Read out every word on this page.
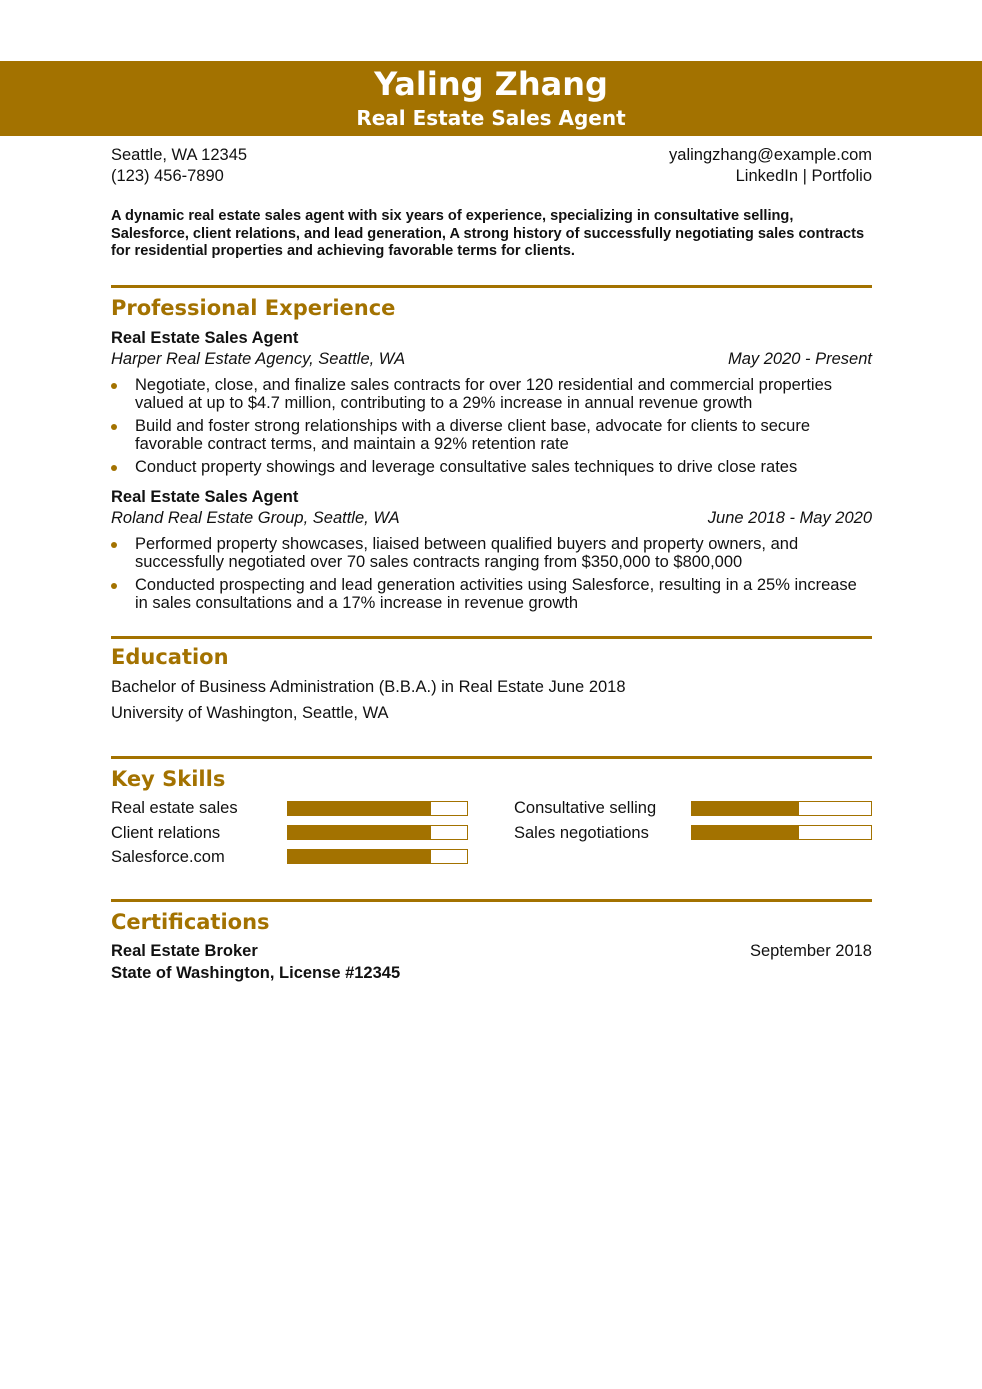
Yaling Zhang
Real Estate Sales Agent
Seattle, WA 12345	yalingzhang@example.com
(123) 456-7890	LinkedIn | Portfolio
A dynamic real estate sales agent with six years of experience, specializing in consultative selling, Salesforce, client relations, and lead generation, A strong history of successfully negotiating sales contracts for residential properties and achieving favorable terms for clients.
Professional Experience
Real Estate Sales Agent
Harper Real Estate Agency, Seattle, WA	May 2020 - Present
Negotiate, close, and finalize sales contracts for over 120 residential and commercial properties valued at up to $4.7 million, contributing to a 29% increase in annual revenue growth
Build and foster strong relationships with a diverse client base, advocate for clients to secure favorable contract terms, and maintain a 92% retention rate
Conduct property showings and leverage consultative sales techniques to drive close rates
Real Estate Sales Agent
Roland Real Estate Group, Seattle, WA	June 2018 - May 2020
Performed property showcases, liaised between qualified buyers and property owners, and successfully negotiated over 70 sales contracts ranging from $350,000 to $800,000
Conducted prospecting and lead generation activities using Salesforce, resulting in a 25% increase in sales consultations and a 17% increase in revenue growth
Education
Bachelor of Business Administration (B.B.A.) in Real Estate June 2018
University of Washington, Seattle, WA
Key Skills
Real estate sales
Client relations
Salesforce.com
Consultative selling
Sales negotiations
Certifications
Real Estate Broker	September 2018
State of Washington, License #12345
